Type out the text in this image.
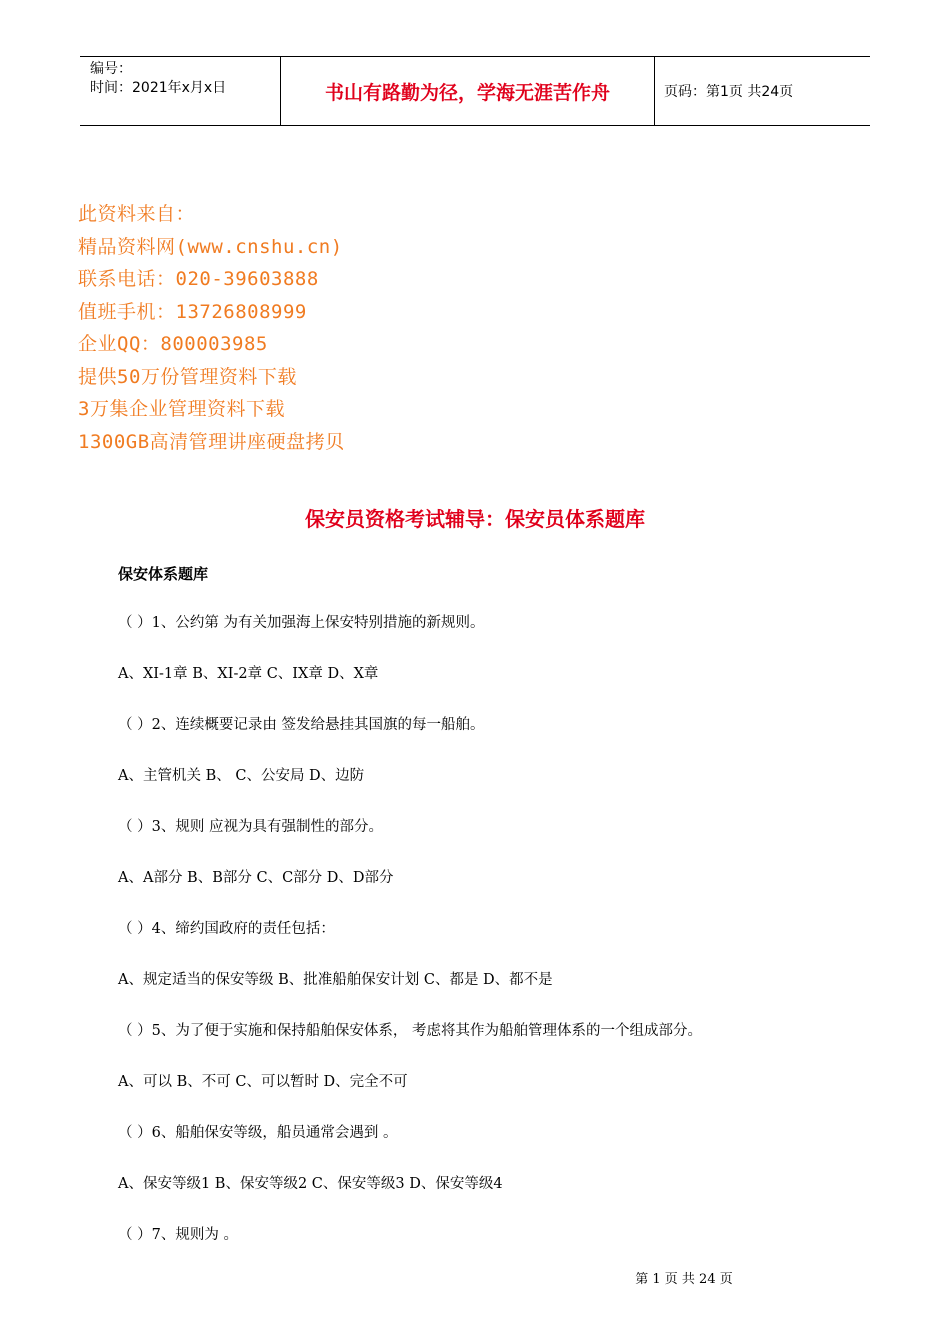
编号：
时间：2021年x月x日	书山有路勤为径，学海无涯苦作舟	页码：第1页 共24页
此资料来自：
精品资料网(www.cnshu.cn)
联系电话：020-39603888
值班手机：13726808999
企业QQ：800003985
提供50万份管理资料下载
3万集企业管理资料下载
1300GB高清管理讲座硬盘拷贝
保安员资格考试辅导：保安员体系题库
保安体系题库
（ ）1、公约第 为有关加强海上保安特别措施的新规则。
A、XI-1章 B、XI-2章 C、IX章 D、X章
（ ）2、连续概要记录由 签发给悬挂其国旗的每一船舶。
A、主管机关 B、 C、公安局 D、边防
（ ）3、规则 应视为具有强制性的部分。
A、A部分 B、B部分 C、C部分 D、D部分
（ ）4、缔约国政府的责任包括：
A、规定适当的保安等级 B、批准船舶保安计划 C、都是 D、都不是
（ ）5、为了便于实施和保持船舶保安体系， 考虑将其作为船舶管理体系的一个组成部分。
A、可以 B、不可 C、可以暂时 D、完全不可
（ ）6、船舶保安等级，船员通常会遇到 。
A、保安等级1 B、保安等级2 C、保安等级3 D、保安等级4
（ ）7、规则为 。
第 1 页 共 24 页
